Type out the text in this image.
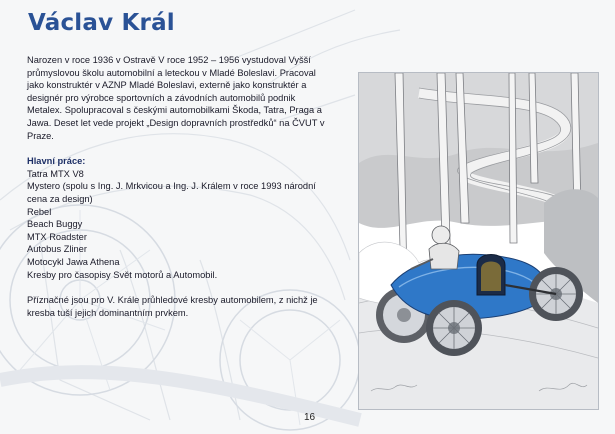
Václav Král

Narozen v roce 1936 v Ostravě V roce 1952 – 1956 vystudoval Vyšší průmyslovou školu automobilní a leteckou v Mladé Boleslavi. Pracoval jako konstruktér v AZNP Mladé Boleslavi, externě jako konstruktér a designér pro výrobce sportovních a závodních automobilů podnik Metalex. Spolupracoval s českými automobilkami Škoda, Tatra, Praga a Jawa. Deset let vede projekt „Design dopravních prostředků“ na ČVUT v Praze.

Hlavní práce:

Tatra MTX V8
Mystero (spolu s Ing. J. Mrkvicou a Ing. J. Králem v roce 1993 národní cena za design)
Rebel
Beach Buggy
MTX Roadster
Autobus Zliner
Motocykl Jawa Athena
Kresby pro časopisy Svět motorů a Automobil.

Příznačné jsou pro V. Krále průhledové kresby automobilem, z nichž je kresba tuší jejich dominantním prvkem.

16
